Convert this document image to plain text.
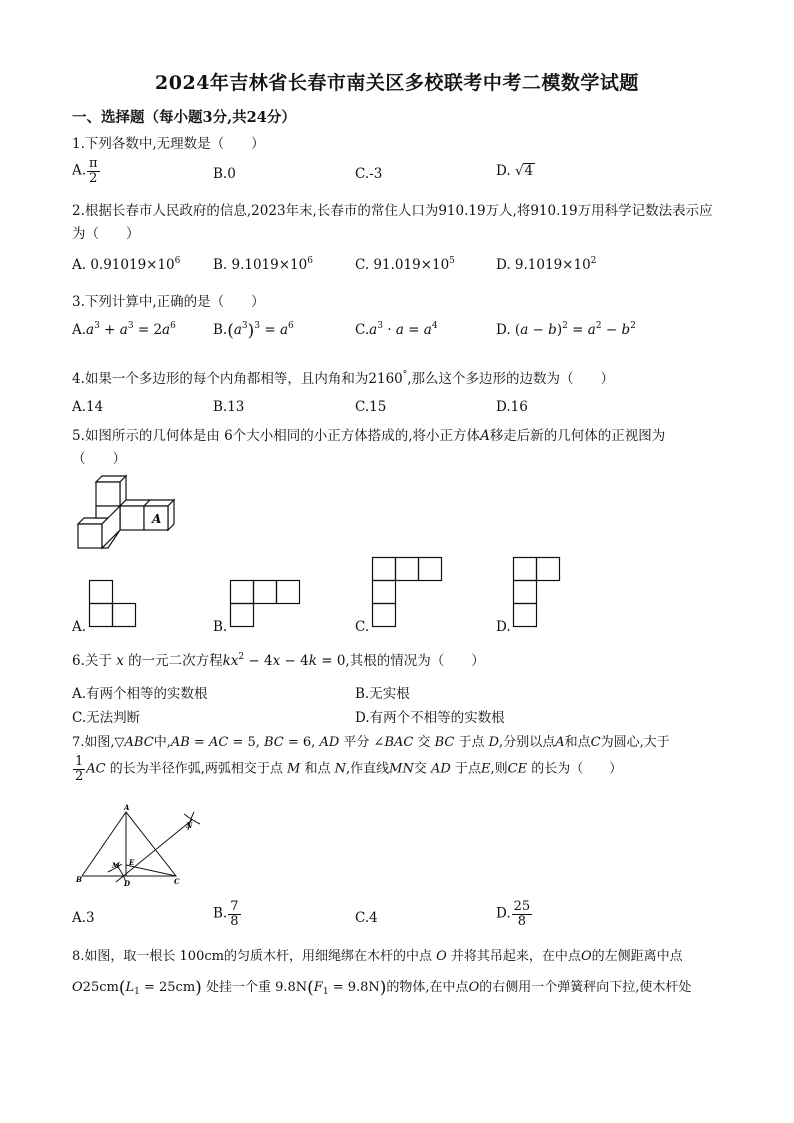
2024年吉林省长春市南关区多校联考中考二模数学试题
一、选择题（每小题3分,共24分）
1.下列各数中,无理数是（　　）
A. $\frac{\pi}{2}$	B.0	C.-3	D. √4
2.根据长春市人民政府的信息,2023年末,长春市的常住人口为910.19万人,将910.19万用科学记数法表示应
为（　　）
A. $0.91019\times 10^6$ B. $9.1019\times 10^6$	C. $91.019\times 10^5$	D. $9.1019\times 10^2$
3.下列计算中,正确的是（　　）
$A.a^3 + a^3 = 2a^6$	$B.(a^3)^3 = a^6$	$C.a^3 \cdot a = a^4$	D. $(a - b)^2 = a^2 - b^2$
4.如果一个多边形的每个内角都相等，且内角和为2160°,那么这个多边形的边数为（　　）
A.14	B.13	C.15	D.16
5.如图所示的几何体是由 6个大小相同的小正方体搭成的,将小正方体A移走后新的几何体的正视图为
（　　）
A
A.	B.	C.	D.
6.关于 x 的一元二次方程$kx^2 - 4x - 4k = 0$,其根的情况为（　　）
A.有两个相等的实数根	B.无实根
C.无法判断	D.有两个不相等的实数根
7.如图,▽ABC中,AB = AC = 5, BC = 6, AD 平分 ∠BAC 交 BC 于点 D,分别以点A和点C为圆心,大于
$\frac{1}{2}$ AC 的长为半径作弧,两弧相交于点 M 和点 N,作直线MN交 AD 于点E,则CE 的长为（　　）
A
B	C
D
E
M
N
A.3	B. $\frac{7}{8}$	C.4	D. $\frac{25}{8}$
8.如图，取一根长 100cm的匀质木杆，用细绳绑在木杆的中点 O 并将其吊起来，在中点O的左侧距离中点
$O25cm(L_1 = 25cm)$ 处挂一个重 $9.8N(F_1 = 9.8N)$的物体,在中点O的右侧用一个弹簧秤向下拉,使木杆处
